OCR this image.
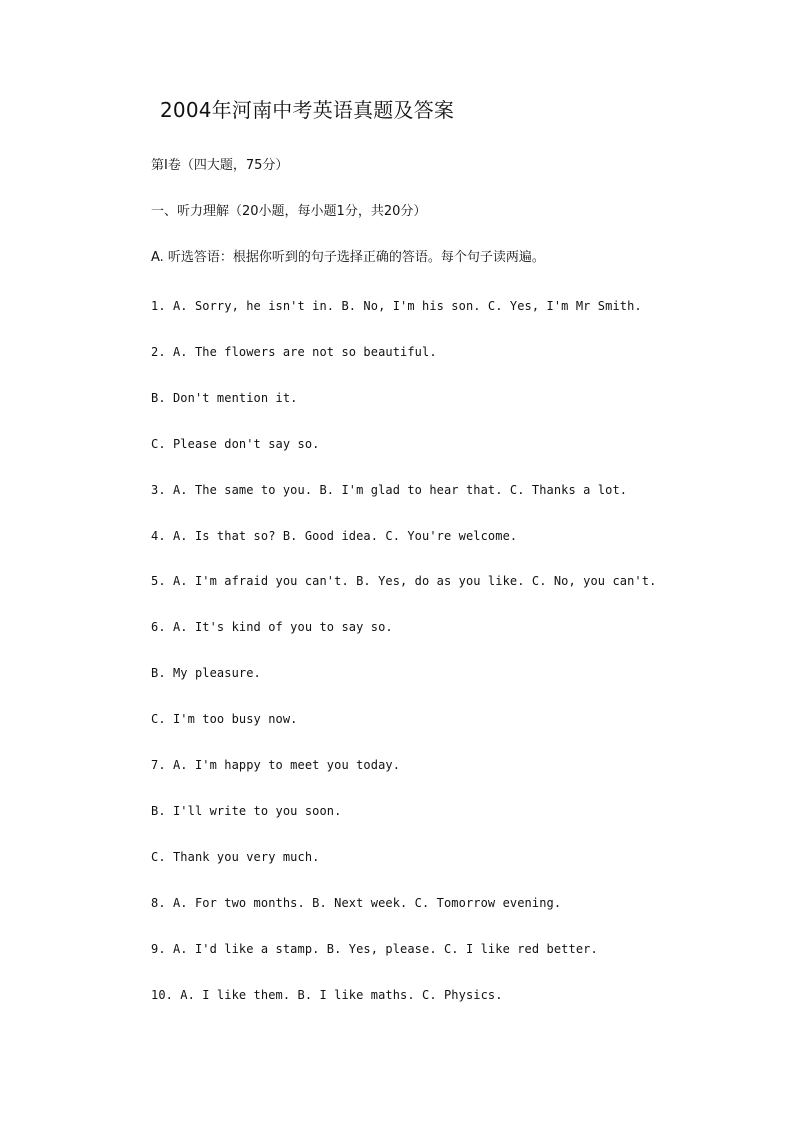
2004年河南中考英语真题及答案
第Ⅰ卷（四大题，75分）
一、听力理解（20小题，每小题1分，共20分）
A. 听选答语：根据你听到的句子选择正确的答语。每个句子读两遍。
1. A. Sorry, he isn't in. B. No, I'm his son. C. Yes, I'm Mr Smith.
2. A. The flowers are not so beautiful.
B. Don't mention it.
C. Please don't say so.
3. A. The same to you. B. I'm glad to hear that. C. Thanks a lot.
4. A. Is that so? B. Good idea. C. You're welcome.
5. A. I'm afraid you can't. B. Yes, do as you like. C. No, you can't.
6. A. It's kind of you to say so.
B. My pleasure.
C. I'm too busy now.
7. A. I'm happy to meet you today.
B. I'll write to you soon.
C. Thank you very much.
8. A. For two months. B. Next week. C. Tomorrow evening.
9. A. I'd like a stamp. B. Yes, please. C. I like red better.
10. A. I like them. B. I like maths. C. Physics.
